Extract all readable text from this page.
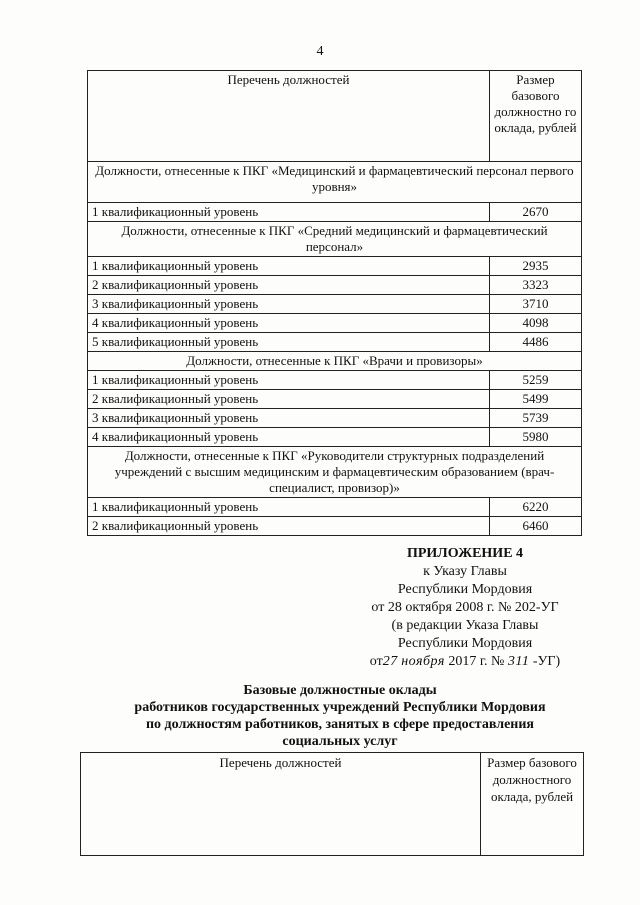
4
Перечень должностей	Размер базового должностно го оклада, рублей
Должности, отнесенные к ПКГ «Медицинский и фармацевтический персонал первого уровня»	
1 квалификационный уровень	2670
Должности, отнесенные к ПКГ «Средний медицинский и фармацевтический персонал»	
1 квалификационный уровень	2935
2 квалификационный уровень	3323
3 квалификационный уровень	3710
4 квалификационный уровень	4098
5 квалификационный уровень	4486
Должности, отнесенные к ПКГ «Врачи и провизоры»	
1 квалификационный уровень	5259
2 квалификационный уровень	5499
3 квалификационный уровень	5739
4 квалификационный уровень	5980
Должности, отнесенные к ПКГ «Руководители структурных подразделений учреждений с высшим медицинским и фармацевтическим образованием (врач-специалист, провизор)»	
1 квалификационный уровень	6220
2 квалификационный уровень	6460
ПРИЛОЖЕНИЕ 4
к Указу Главы
Республики Мордовия
от 28 октября 2008 г. № 202-УГ
(в редакции Указа Главы
Республики Мордовия
от27 ноября 2017 г. № 311 -УГ)
Базовые должностные оклады
работников государственных учреждений Республики Мордовия
по должностям работников, занятых в сфере предоставления
социальных услуг
Перечень должностей	Размер базового должностного оклада, рублей
